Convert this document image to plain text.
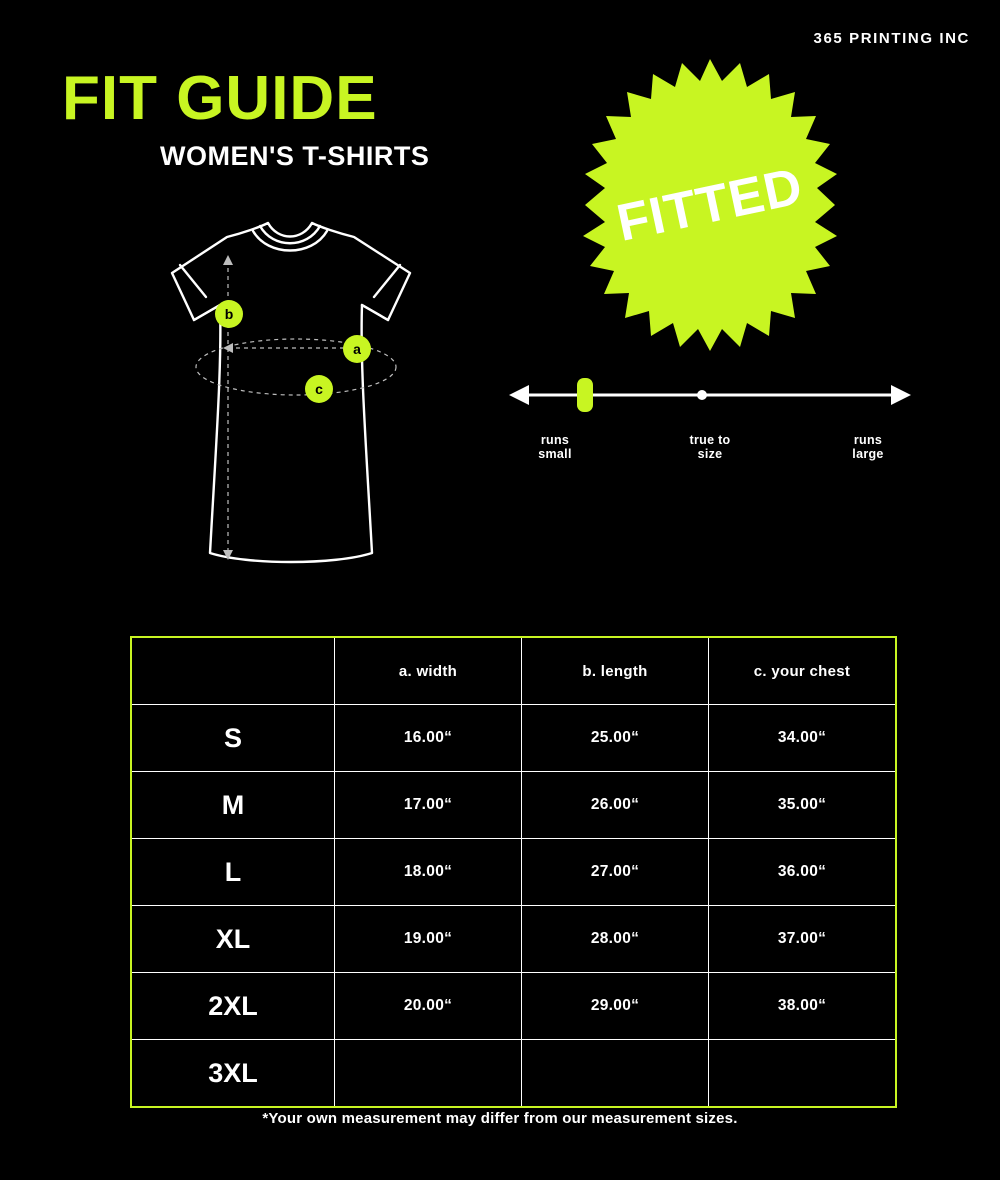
365 PRINTING INC
FIT GUIDE
WOMEN'S T-SHIRTS
a
b
c
FITTED
runs
small
true to
size
runs
large
	a. width	b. length	c. your chest
S	16.00“	25.00“	34.00“
M	17.00“	26.00“	35.00“
L	18.00“	27.00“	36.00“
XL	19.00“	28.00“	37.00“
2XL	20.00“	29.00“	38.00“
3XL			
*Your own measurement may differ from our measurement sizes.
